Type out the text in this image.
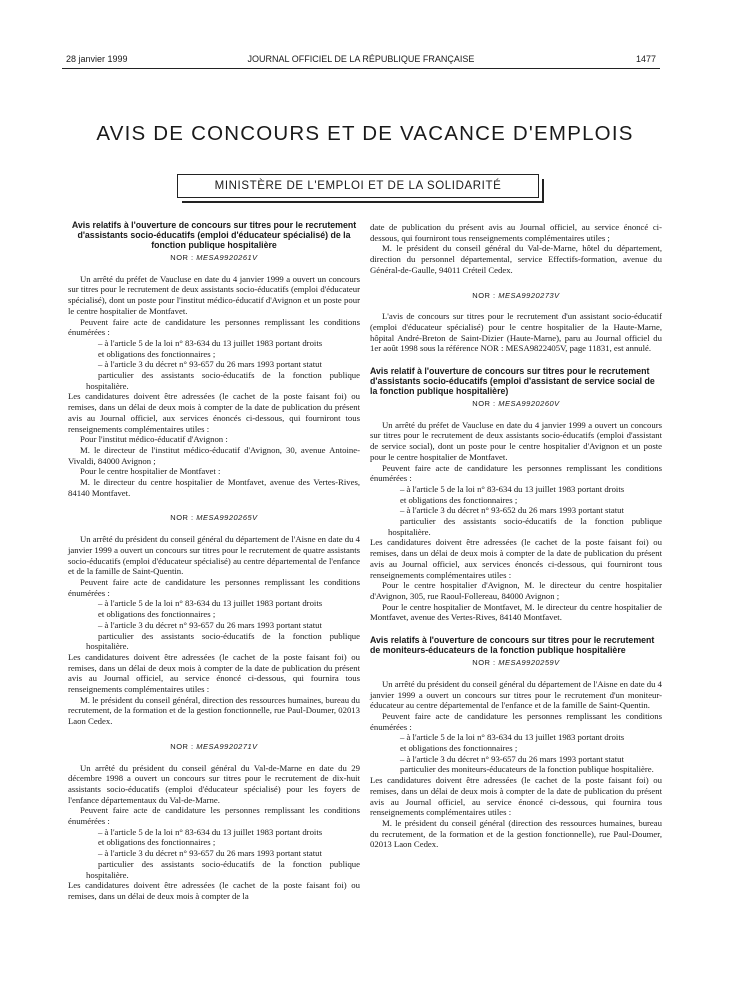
28 janvier 1999	JOURNAL OFFICIEL DE LA RÉPUBLIQUE FRANÇAISE	1477
AVIS DE CONCOURS ET DE VACANCE D'EMPLOIS
MINISTÈRE DE L'EMPLOI ET DE LA SOLIDARITÉ
Avis relatifs à l'ouverture de concours sur titres pour le recrutement d'assistants socio-éducatifs (emploi d'éducateur spécialisé) de la fonction publique hospitalière
NOR : MESA9920261V

Un arrêté du préfet de Vaucluse en date du 4 janvier 1999 a ouvert un concours sur titres pour le recrutement de deux assistants socio-éducatifs (emploi d'éducateur spécialisé), dont un poste pour l'institut médico-éducatif d'Avignon et un poste pour le centre hospitalier de Montfavet.

Peuvent faire acte de candidature les personnes remplissant les conditions énumérées :

– à l'article 5 de la loi n° 83-634 du 13 juillet 1983 portant droits

et obligations des fonctionnaires ;

– à l'article 3 du décret n° 93-657 du 26 mars 1993 portant statut

particulier des assistants socio-éducatifs de la fonction publique hospitalière.

Les candidatures doivent être adressées (le cachet de la poste faisant foi) ou remises, dans un délai de deux mois à compter de la date de publication du présent avis au Journal officiel, aux services énoncés ci-dessous, qui fourniront tous renseignements complémentaires utiles :

Pour l'institut médico-éducatif d'Avignon :

M. le directeur de l'institut médico-éducatif d'Avignon, 30, avenue Antoine-Vivaldi, 84000 Avignon ;

Pour le centre hospitalier de Montfavet :

M. le directeur du centre hospitalier de Montfavet, avenue des Vertes-Rives, 84140 Montfavet.

NOR : MESA9920265V

Un arrêté du président du conseil général du département de l'Aisne en date du 4 janvier 1999 a ouvert un concours sur titres pour le recrutement de quatre assistants socio-éducatifs (emploi d'éducateur spécialisé) au centre départemental de l'enfance et de la famille de Saint-Quentin.

Peuvent faire acte de candidature les personnes remplissant les conditions énumérées :

– à l'article 5 de la loi n° 83-634 du 13 juillet 1983 portant droits

et obligations des fonctionnaires ;

– à l'article 3 du décret n° 93-657 du 26 mars 1993 portant statut

particulier des assistants socio-éducatifs de la fonction publique hospitalière.

Les candidatures doivent être adressées (le cachet de la poste faisant foi) ou remises, dans un délai de deux mois à compter de la date de publication du présent avis au Journal officiel, au service énoncé ci-dessous, qui fournira tous renseignements complémentaires utiles :

M. le président du conseil général, direction des ressources humaines, bureau du recrutement, de la formation et de la gestion fonctionnelle, rue Paul-Doumer, 02013 Laon Cedex.

NOR : MESA9920271V

Un arrêté du président du conseil général du Val-de-Marne en date du 29 décembre 1998 a ouvert un concours sur titres pour le recrutement de dix-huit assistants socio-éducatifs (emploi d'éducateur spécialisé) pour les foyers de l'enfance départementaux du Val-de-Marne.

Peuvent faire acte de candidature les personnes remplissant les conditions énumérées :

– à l'article 5 de la loi n° 83-634 du 13 juillet 1983 portant droits

et obligations des fonctionnaires ;

– à l'article 3 du décret n° 93-657 du 26 mars 1993 portant statut

particulier des assistants socio-éducatifs de la fonction publique hospitalière.

Les candidatures doivent être adressées (le cachet de la poste faisant foi) ou remises, dans un délai de deux mois à compter de la

date de publication du présent avis au Journal officiel, au service énoncé ci-dessous, qui fourniront tous renseignements complémentaires utiles ;

M. le président du conseil général du Val-de-Marne, hôtel du département, direction du personnel départemental, service Effectifs-formation, avenue du Général-de-Gaulle, 94011 Créteil Cedex.

NOR : MESA9920273V

L'avis de concours sur titres pour le recrutement d'un assistant socio-éducatif (emploi d'éducateur spécialisé) pour le centre hospitalier de la Haute-Marne, hôpital André-Breton de Saint-Dizier (Haute-Marne), paru au Journal officiel du 1er août 1998 sous la référence NOR : MESA9822405V, page 11831, est annulé.

Avis relatif à l'ouverture de concours sur titres pour le recrutement d'assistants socio-éducatifs (emploi d'assistant de service social de la fonction publique hospitalière)
NOR : MESA9920260V

Un arrêté du préfet de Vaucluse en date du 4 janvier 1999 a ouvert un concours sur titres pour le recrutement de deux assistants socio-éducatifs (emploi d'assistant de service social), dont un poste pour le centre hospitalier d'Avignon et un poste pour le centre hospitalier de Montfavet.

Peuvent faire acte de candidature les personnes remplissant les conditions énumérées :

– à l'article 5 de la loi n° 83-634 du 13 juillet 1983 portant droits

et obligations des fonctionnaires ;

– à l'article 3 du décret n° 93-652 du 26 mars 1993 portant statut

particulier des assistants socio-éducatifs de la fonction publique hospitalière.

Les candidatures doivent être adressées (le cachet de la poste faisant foi) ou remises, dans un délai de deux mois à compter de la date de publication du présent avis au Journal officiel, aux services énoncés ci-dessous, qui fourniront tous renseignements complémentaires utiles :

Pour le centre hospitalier d'Avignon, M. le directeur du centre hospitalier d'Avignon, 305, rue Raoul-Follereau, 84000 Avignon ;

Pour le centre hospitalier de Montfavet, M. le directeur du centre hospitalier de Montfavet, avenue des Vertes-Rives, 84140 Montfavet.

Avis relatifs à l'ouverture de concours sur titres pour le recrutement de moniteurs-éducateurs de la fonction publique hospitalière
NOR : MESA9920259V

Un arrêté du président du conseil général du département de l'Aisne en date du 4 janvier 1999 a ouvert un concours sur titres pour le recrutement d'un moniteur-éducateur au centre départemental de l'enfance et de la famille de Saint-Quentin.

Peuvent faire acte de candidature les personnes remplissant les conditions énumérées :

– à l'article 5 de la loi n° 83-634 du 13 juillet 1983 portant droits

et obligations des fonctionnaires ;

– à l'article 3 du décret n° 93-657 du 26 mars 1993 portant statut

particulier des moniteurs-éducateurs de la fonction publique hospitalière.

Les candidatures doivent être adressées (le cachet de la poste faisant foi) ou remises, dans un délai de deux mois à compter de la date de publication du présent avis au Journal officiel, au service énoncé ci-dessous, qui fournira tous renseignements complémentaires utiles :

M. le président du conseil général (direction des ressources humaines, bureau du recrutement, de la formation et de la gestion fonctionnelle), rue Paul-Doumer, 02013 Laon Cedex.
